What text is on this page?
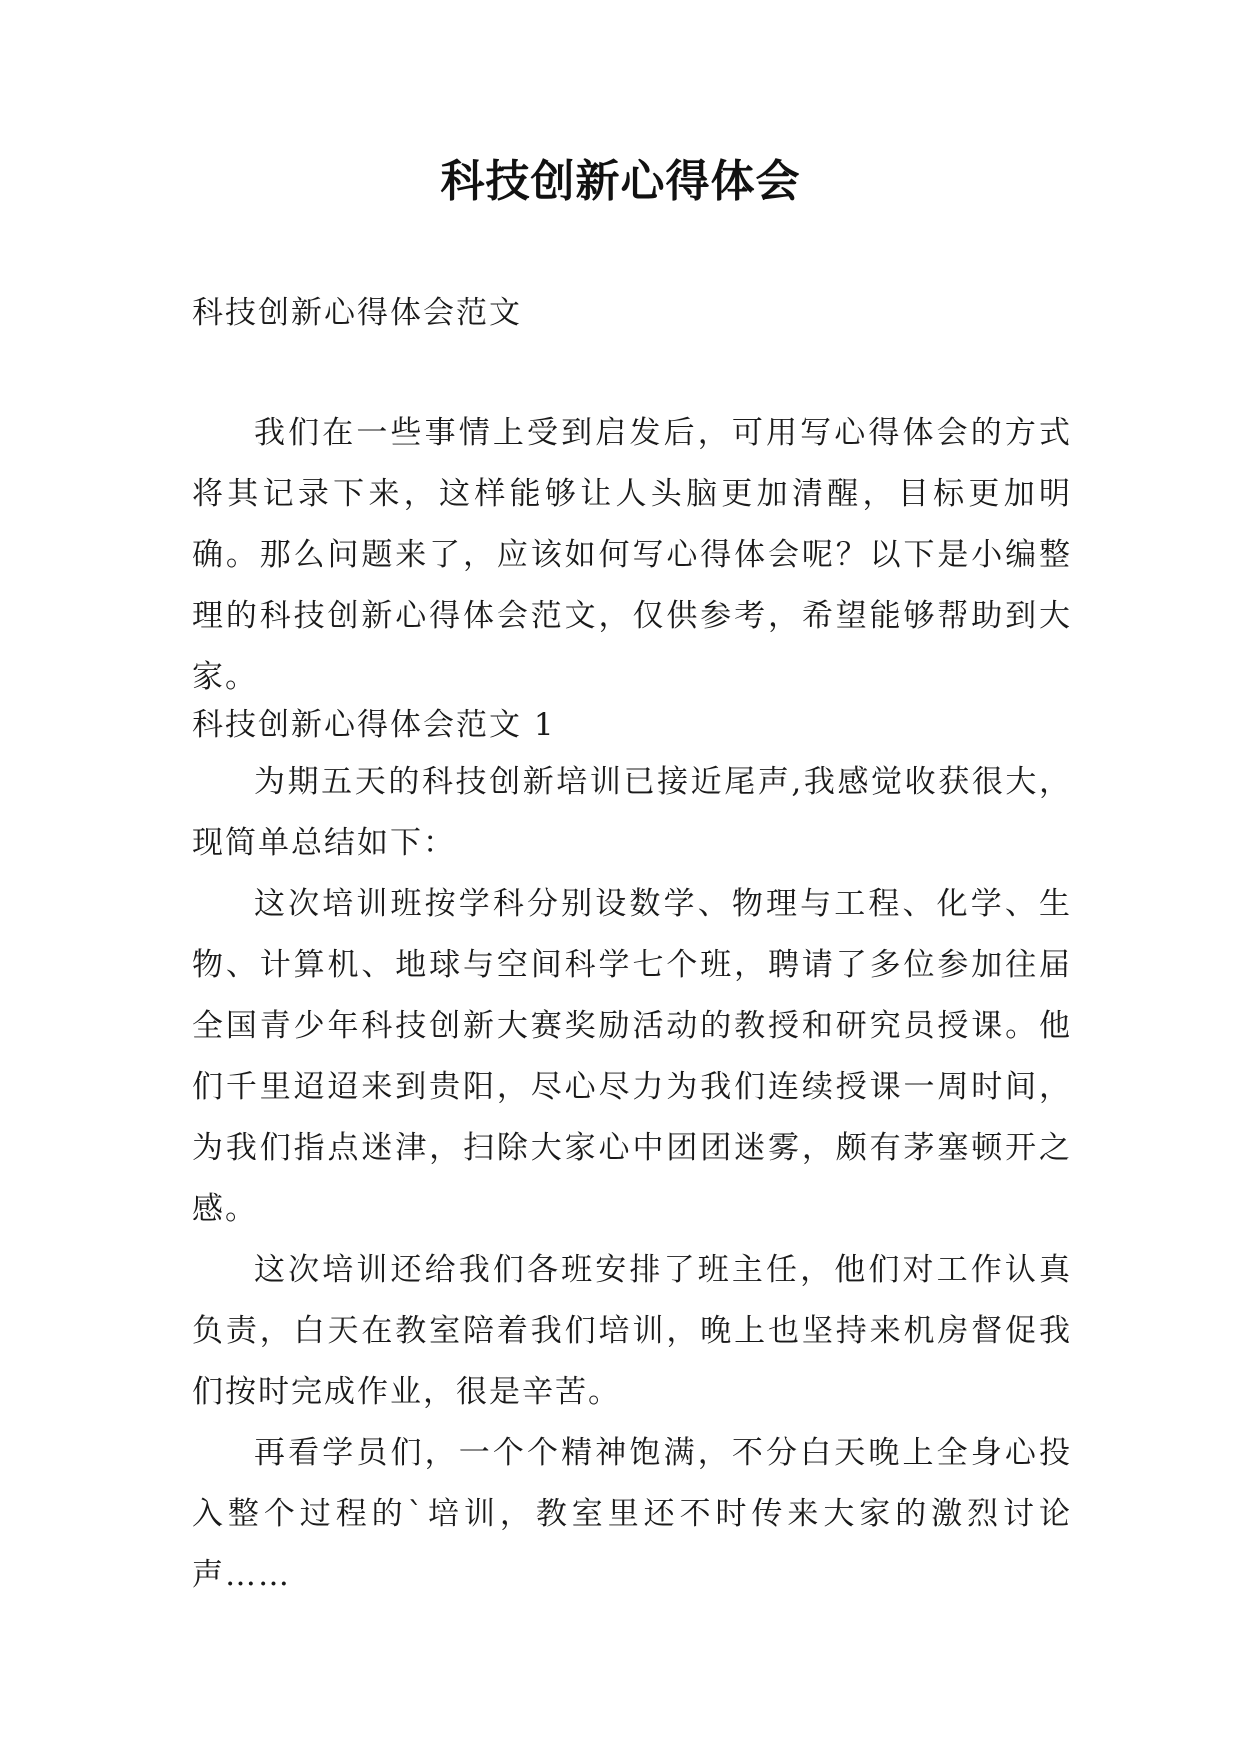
科技创新心得体会
科技创新心得体会范文

我们在一些事情上受到启发后，可用写心得体会的方式将其记录下来，这样能够让人头脑更加清醒，目标更加明确。那么问题来了，应该如何写心得体会呢？以下是小编整理的科技创新心得体会范文，仅供参考，希望能够帮助到大家。

科技创新心得体会范文 1

为期五天的科技创新培训已接近尾声,我感觉收获很大，现简单总结如下：

这次培训班按学科分别设数学、物理与工程、化学、生物、计算机、地球与空间科学七个班，聘请了多位参加往届全国青少年科技创新大赛奖励活动的教授和研究员授课。他们千里迢迢来到贵阳，尽心尽力为我们连续授课一周时间，为我们指点迷津，扫除大家心中团团迷雾，颇有茅塞顿开之感。

这次培训还给我们各班安排了班主任，他们对工作认真负责，白天在教室陪着我们培训，晚上也坚持来机房督促我们按时完成作业，很是辛苦。

再看学员们，一个个精神饱满，不分白天晚上全身心投入整个过程的`培训，教室里还不时传来大家的激烈讨论声……
